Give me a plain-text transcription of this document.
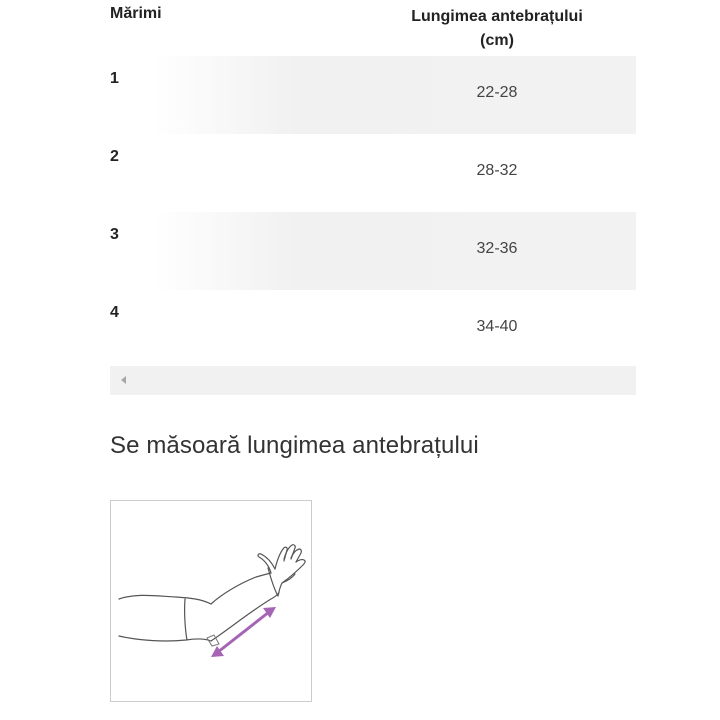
Mărimi	Lungimea antebrațului
(cm)
1
22-28
2
28-32
3
32-36
4
34-40
Se măsoară lungimea antebrațului
